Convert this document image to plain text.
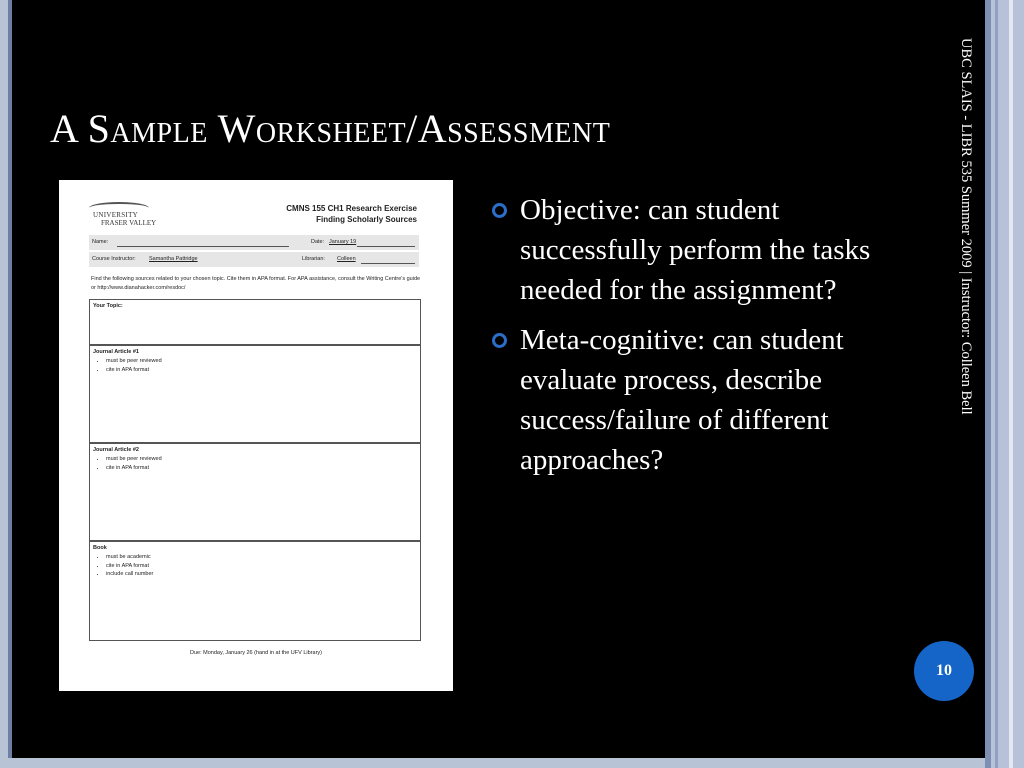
A Sample Worksheet/Assessment	UBC SLAIS - LIBR 535 Summer 2009 | Instructor: Colleen Bell
UNIVERSITY
FRASER VALLEY
CMNS 155 CH1 Research Exercise
Finding Scholarly Sources
Name:	Date: January 19
Course Instructor: Samantha Pattridge	Librarian: Colleen
Find the following sources related to your chosen topic. Cite them in APA format. For APA assistance, consult the Writing Centre's guide or http://www.dianahacker.com/resdoc/
Your Topic:
Journal Article #1
• must be peer reviewed
• cite in APA format
Journal Article #2
• must be peer reviewed
• cite in APA format
Book
• must be academic
• cite in APA format
• include call number
Due: Monday, January 26 (hand in at the UFV Library)
Objective: can student successfully perform the tasks needed for the assignment?
Meta-cognitive: can student evaluate process, describe success/failure of different approaches?
10
